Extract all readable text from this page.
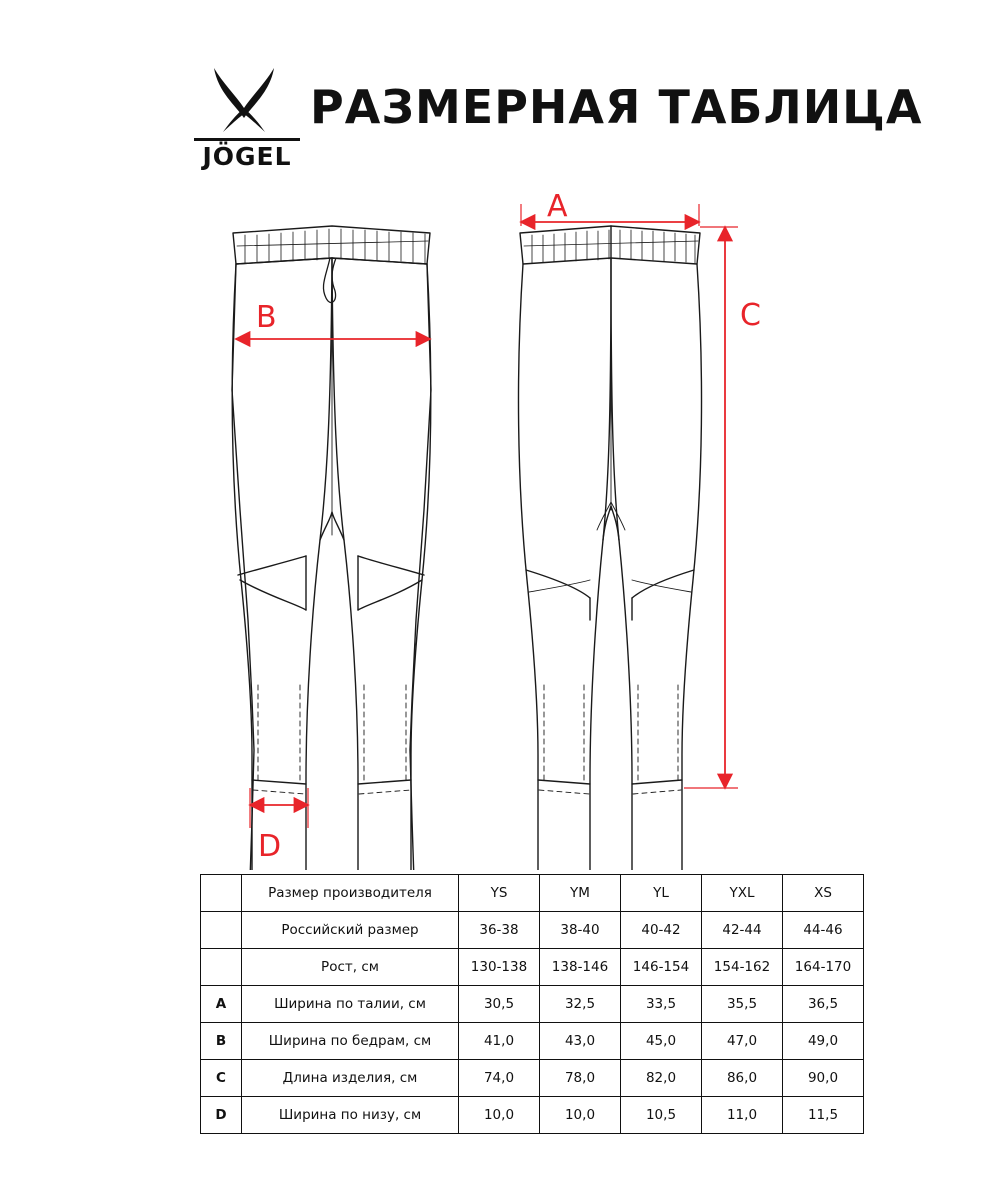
JÖGEL
РАЗМЕРНАЯ ТАБЛИЦА
A
B	C
D
	Размер производителя	YS	YM	YL	YXL	XS
	Российский размер	36-38	38-40	40-42	42-44	44-46
	Рост, см	130-138	138-146	146-154	154-162	164-170
A	Ширина по талии, см	30,5	32,5	33,5	35,5	36,5
B	Ширина по бедрам, см	41,0	43,0	45,0	47,0	49,0
C	Длина изделия, см	74,0	78,0	82,0	86,0	90,0
D	Ширина по низу, см	10,0	10,0	10,5	11,0	11,5
